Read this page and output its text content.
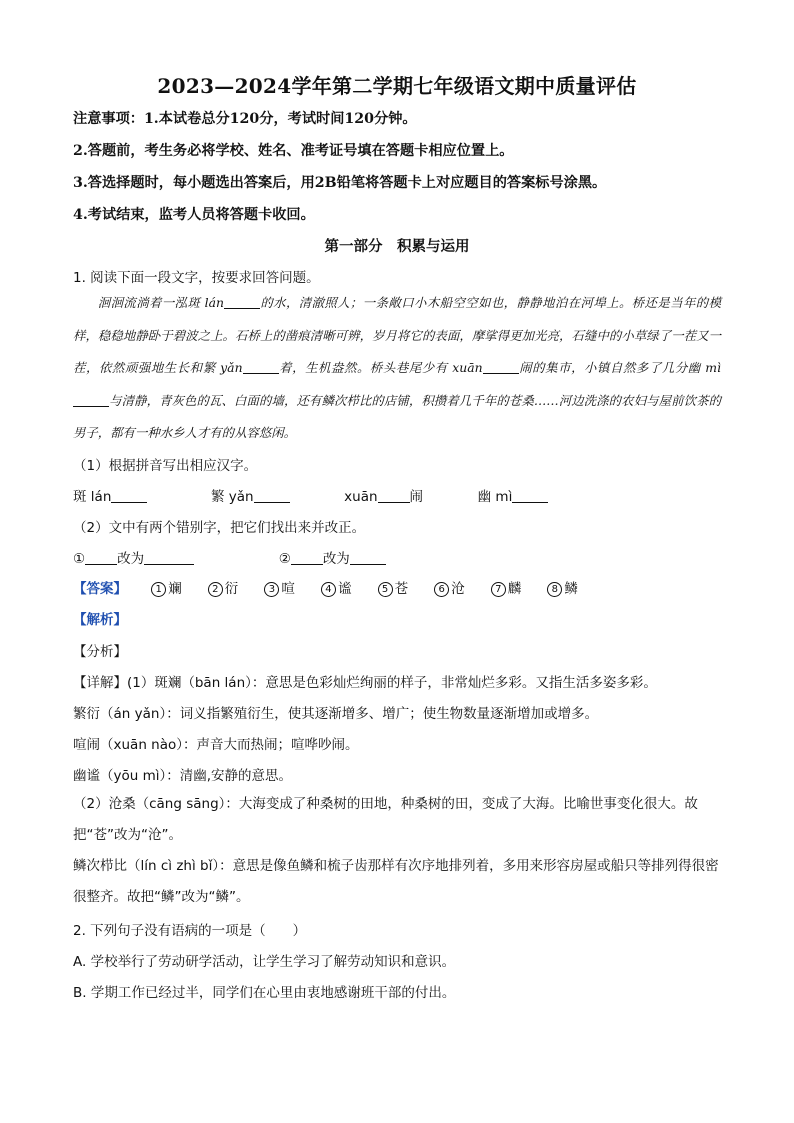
2023—2024学年第二学期七年级语文期中质量评估
注意事项：1.本试卷总分120分，考试时间120分钟。
2.答题前，考生务必将学校、姓名、准考证号填在答题卡相应位置上。
3.答选择题时，每小题选出答案后，用2B铅笔将答题卡上对应题目的答案标号涂黑。
4.考试结束，监考人员将答题卡收回。
第一部分　积累与运用
1. 阅读下面一段文字，按要求回答问题。
洄洄流淌着一泓斑 lán	的水，清澈照人；一条敞口小木船空空如也，静静地泊在河埠上。桥还是当年的模样，稳稳地静卧于碧波之上。石桥上的凿痕清晰可辨，岁月将它的表面，摩挲得更加光亮，石缝中的小草绿了一茬又一茬，依然顽强地生长和繁 yǎn	着，生机盎然。桥头巷尾少有 xuān	闹的集市，小镇自然多了几分幽 mì与清静，青灰色的瓦、白面的墙，还有鳞次栉比的店铺，积攒着几千年的苍桑……河边洗涤的农妇与屋前饮茶的男子，都有一种水乡人才有的从容悠闲。
（1）根据拼音写出相应汉字。
斑 lán	繁 yǎn	xuān 闹	幽 mì
（2）文中有两个错别字，把它们找出来并改正。
① 改为	② 改为
【答案】	1 斓	2 衍	3 喧	4 谧	5 苍	6 沧	7 麟	8 鳞
【解析】
【分析】
【详解】(1）斑斓（bān lán）：意思是色彩灿烂绚丽的样子，非常灿烂多彩。又指生活多姿多彩。
繁衍（án yǎn）：词义指繁殖衍生，使其逐渐增多、增广；使生物数量逐渐增加或增多。
喧闹（xuān nào）：声音大而热闹；喧哗吵闹。
幽谧（yōu mì）：清幽,安静的意思。
（2）沧桑（cāng sāng）：大海变成了种桑树的田地，种桑树的田，变成了大海。比喻世事变化很大。故把“苍”改为“沧”。
鳞次栉比（lín cì zhì bǐ）：意思是像鱼鳞和梳子齿那样有次序地排列着，多用来形容房屋或船只等排列得很密很整齐。故把“鳞”改为“鳞”。
2. 下列句子没有语病的一项是（　　）
A. 学校举行了劳动研学活动，让学生学习了解劳动知识和意识。
B. 学期工作已经过半，同学们在心里由衷地感谢班干部的付出。
